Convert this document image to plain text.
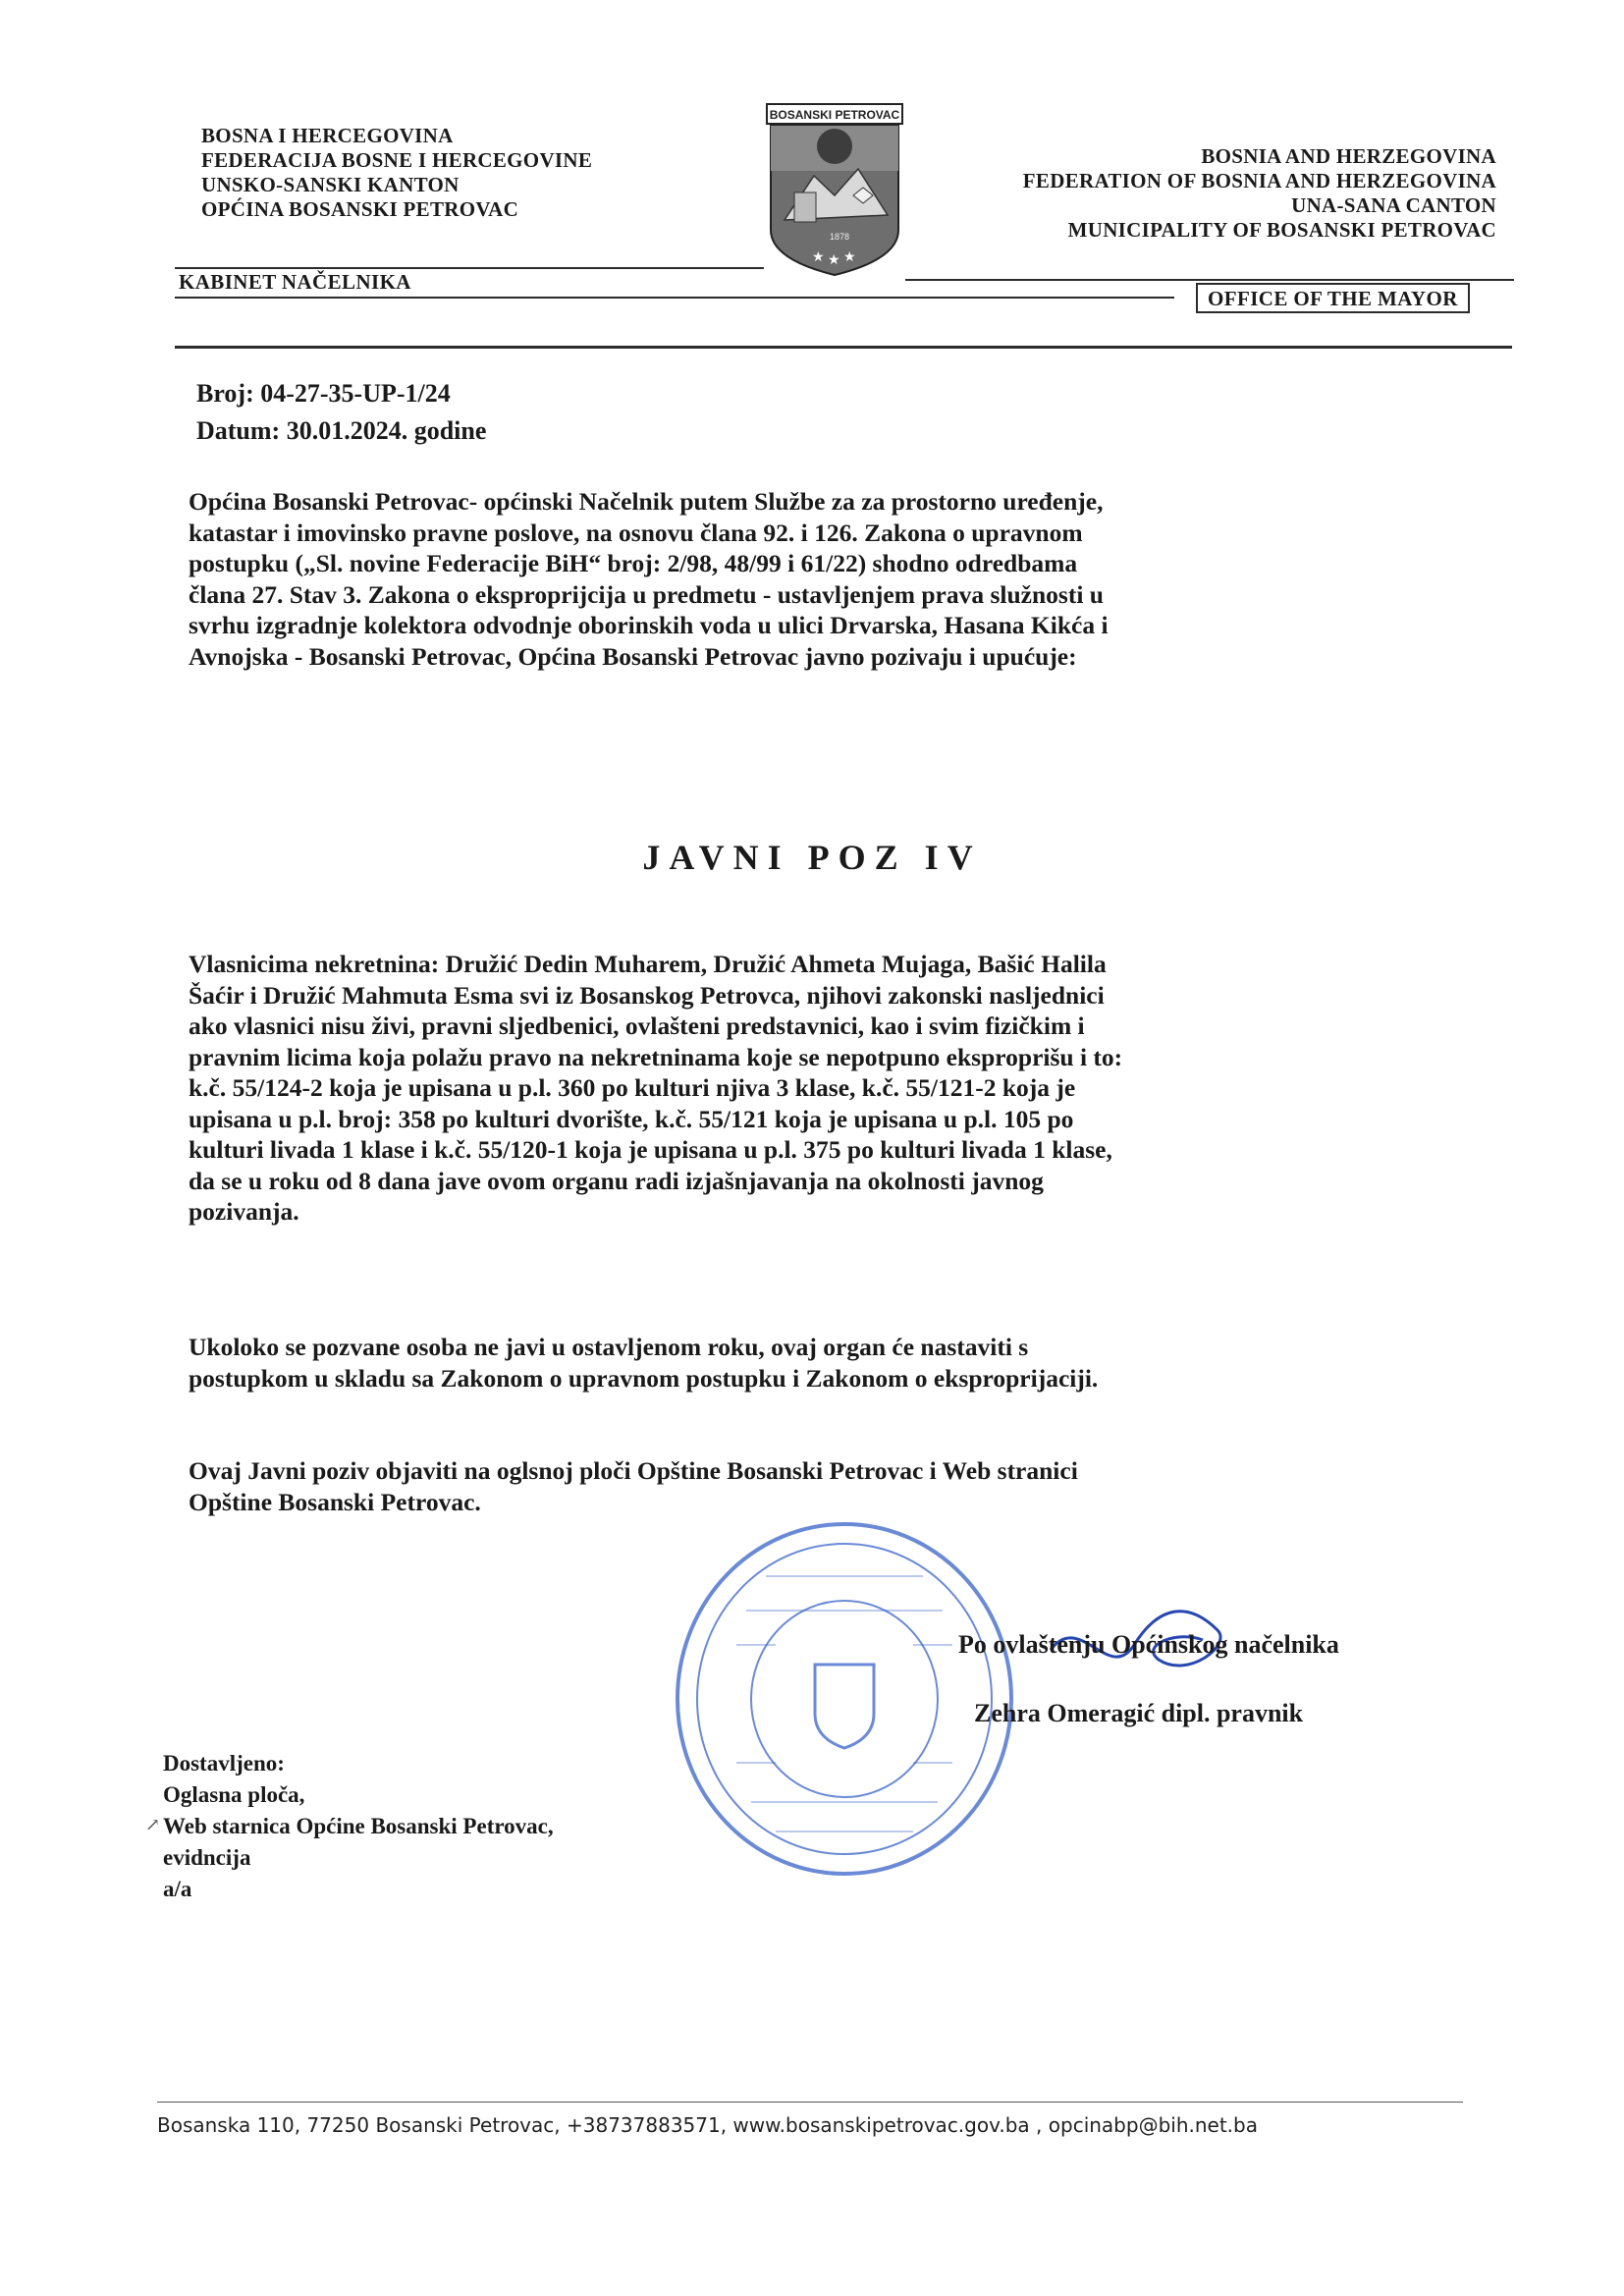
BOSNA I HERCEGOVINA
FEDERACIJA BOSNE I HERCEGOVINE
UNSKO-SANSKI KANTON
OPĆINA BOSANSKI PETROVAC
BOSANSKI PETROVAC
1878
★ ★ ★
BOSNIA AND HERZEGOVINA
FEDERATION OF BOSNIA AND HERZEGOVINA
UNA-SANA CANTON
MUNICIPALITY OF BOSANSKI PETROVAC
KABINET NAČELNIKA
OFFICE OF THE MAYOR
Broj: 04-27-35-UP-1/24
Datum: 30.01.2024. godine
Općina Bosanski Petrovac- općinski Načelnik putem Službe za za prostorno uređenje,
katastar i imovinsko pravne poslove, na osnovu člana 92. i 126. Zakona o upravnom
postupku („Sl. novine Federacije BiH“ broj: 2/98, 48/99 i 61/22) shodno odredbama
člana 27. Stav 3. Zakona o eksproprijcija u predmetu - ustavljenjem prava služnosti u
svrhu izgradnje kolektora odvodnje oborinskih voda u ulici Drvarska, Hasana Kikća i
Avnojska - Bosanski Petrovac, Općina Bosanski Petrovac javno pozivaju i upućuje:
JAVNI POZ IV
Vlasnicima nekretnina: Družić Dedin Muharem, Družić Ahmeta Mujaga, Bašić Halila
Šaćir i Družić Mahmuta Esma svi iz Bosanskog Petrovca, njihovi zakonski nasljednici
ako vlasnici nisu živi, pravni sljedbenici, ovlašteni predstavnici, kao i svim fizičkim i
pravnim licima koja polažu pravo na nekretninama koje se nepotpuno eksproprišu i to:
k.č. 55/124-2 koja je upisana u p.l. 360 po kulturi njiva 3 klase, k.č. 55/121-2 koja je
upisana u p.l. broj: 358 po kulturi dvorište, k.č. 55/121 koja je upisana u p.l. 105 po
kulturi livada 1 klase i k.č. 55/120-1 koja je upisana u p.l. 375 po kulturi livada 1 klase,
da se u roku od 8 dana jave ovom organu radi izjašnjavanja na okolnosti javnog
pozivanja.
Ukoloko se pozvane osoba ne javi u ostavljenom roku, ovaj organ će nastaviti s
postupkom u skladu sa Zakonom o upravnom postupku i Zakonom o eksproprijaciji.
Ovaj Javni poziv objaviti na oglsnoj ploči Opštine Bosanski Petrovac i Web stranici
Opštine Bosanski Petrovac.
Po ovlaštenju Općinskog načelnika
Zehra Omeragić dipl. pravnik
↗
Dostavljeno:
Oglasna ploča,
Web starnica Općine Bosanski Petrovac,
evidncija
a/a
Bosanska 110, 77250 Bosanski Petrovac, +38737883571, www.bosanskipetrovac.gov.ba , opcinabp@bih.net.ba
